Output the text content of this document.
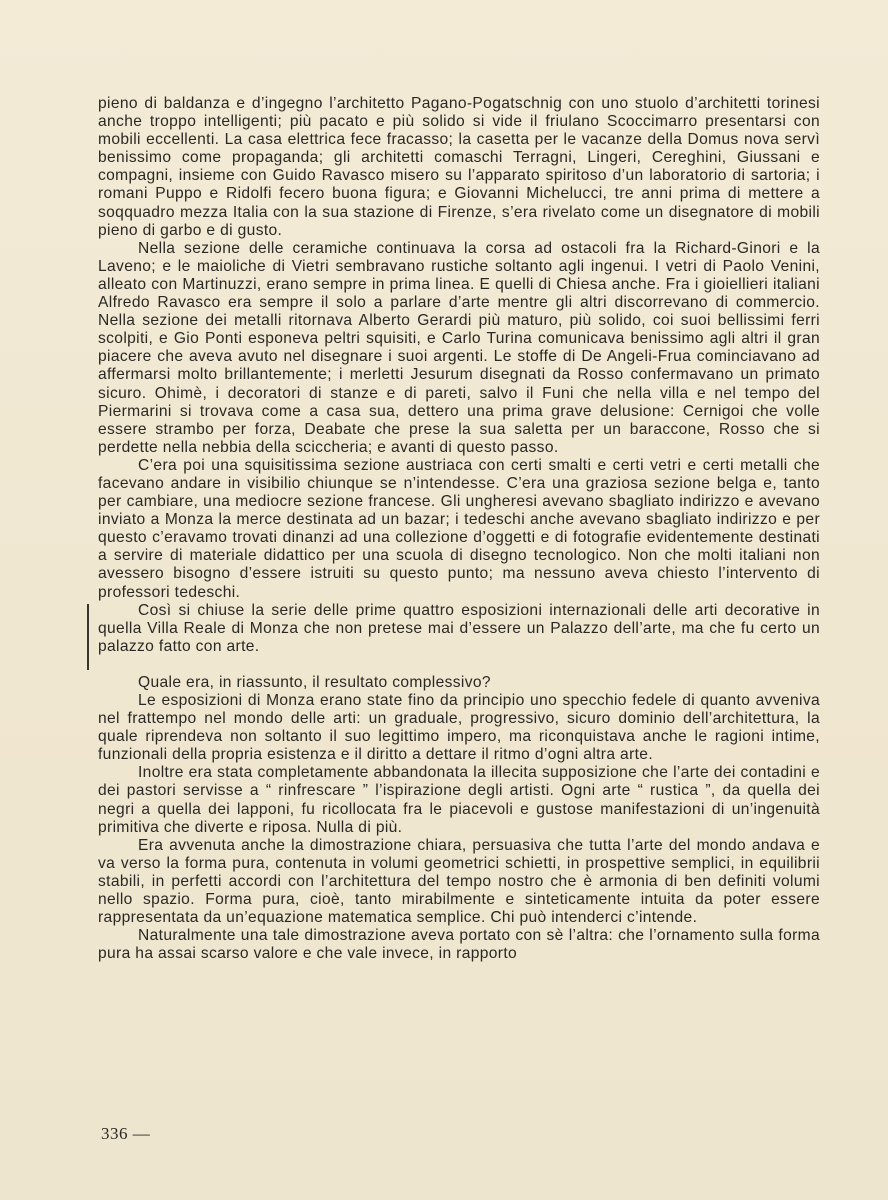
pieno di baldanza e d’ingegno l’architetto Pagano-Pogatschnig con uno stuolo d’architetti torinesi anche troppo intelligenti; più pacato e più solido si vide il friulano Scoccimarro presentarsi con mobili eccellenti. La casa elettrica fece fracasso; la casetta per le vacanze della Domus nova servì benissimo come propaganda; gli architetti comaschi Terragni, Lingeri, Cereghini, Giussani e compagni, insieme con Guido Ravasco misero su l’apparato spiritoso d’un laboratorio di sartoria; i romani Puppo e Ridolfi fecero buona figura; e Giovanni Michelucci, tre anni prima di mettere a soqquadro mezza Italia con la sua stazione di Firenze, s’era rivelato come un disegnatore di mobili pieno di garbo e di gusto.

Nella sezione delle ceramiche continuava la corsa ad ostacoli fra la Richard-Ginori e la Laveno; e le maioliche di Vietri sembravano rustiche soltanto agli ingenui. I vetri di Paolo Venini, alleato con Martinuzzi, erano sempre in prima linea. E quelli di Chiesa anche. Fra i gioiellieri italiani Alfredo Ravasco era sempre il solo a parlare d’arte mentre gli altri discorrevano di commercio. Nella sezione dei metalli ritornava Alberto Gerardi più maturo, più solido, coi suoi bellissimi ferri scolpiti, e Gio Ponti esponeva peltri squisiti, e Carlo Turina comunicava benissimo agli altri il gran piacere che aveva avuto nel disegnare i suoi argenti. Le stoffe di De Angeli-Frua cominciavano ad affermarsi molto brillantemente; i merletti Jesurum disegnati da Rosso confermavano un primato sicuro. Ohimè, i decoratori di stanze e di pareti, salvo il Funi che nella villa e nel tempo del Piermarini si trovava come a casa sua, dettero una prima grave delusione: Cernigoi che volle essere strambo per forza, Deabate che prese la sua saletta per un baraccone, Rosso che si perdette nella nebbia della sciccheria; e avanti di questo passo.

C’era poi una squisitissima sezione austriaca con certi smalti e certi vetri e certi metalli che facevano andare in visibilio chiunque se n’intendesse. C’era una graziosa sezione belga e, tanto per cambiare, una mediocre sezione francese. Gli ungheresi avevano sbagliato indirizzo e avevano inviato a Monza la merce destinata ad un bazar; i tedeschi anche avevano sbagliato indirizzo e per questo c’eravamo trovati dinanzi ad una collezione d’oggetti e di fotografie evidentemente destinati a servire di materiale didattico per una scuola di disegno tecnologico. Non che molti italiani non avessero bisogno d’essere istruiti su questo punto; ma nessuno aveva chiesto l’intervento di professori tedeschi.

Così si chiuse la serie delle prime quattro esposizioni internazionali delle arti decorative in quella Villa Reale di Monza che non pretese mai d’essere un Palazzo dell’arte, ma che fu certo un palazzo fatto con arte.

Quale era, in riassunto, il resultato complessivo?

Le esposizioni di Monza erano state fino da principio uno specchio fedele di quanto avveniva nel frattempo nel mondo delle arti: un graduale, progressivo, sicuro dominio dell’architettura, la quale riprendeva non soltanto il suo legittimo impero, ma riconquistava anche le ragioni intime, funzionali della propria esistenza e il diritto a dettare il ritmo d’ogni altra arte.

Inoltre era stata completamente abbandonata la illecita supposizione che l’arte dei contadini e dei pastori servisse a “ rinfrescare ” l’ispirazione degli artisti. Ogni arte “ rustica ”, da quella dei negri a quella dei lapponi, fu ricollocata fra le piacevoli e gustose manifestazioni di un’ingenuità primitiva che diverte e riposa. Nulla di più.

Era avvenuta anche la dimostrazione chiara, persuasiva che tutta l’arte del mondo andava e va verso la forma pura, contenuta in volumi geometrici schietti, in prospettive semplici, in equilibrii stabili, in perfetti accordi con l’architettura del tempo nostro che è armonia di ben definiti volumi nello spazio. Forma pura, cioè, tanto mirabilmente e sinteticamente intuita da poter essere rappresentata da un’equazione matematica semplice. Chi può intenderci c’intende.

Naturalmente una tale dimostrazione aveva portato con sè l’altra: che l’ornamento sulla forma pura ha assai scarso valore e che vale invece, in rapporto

336 —
